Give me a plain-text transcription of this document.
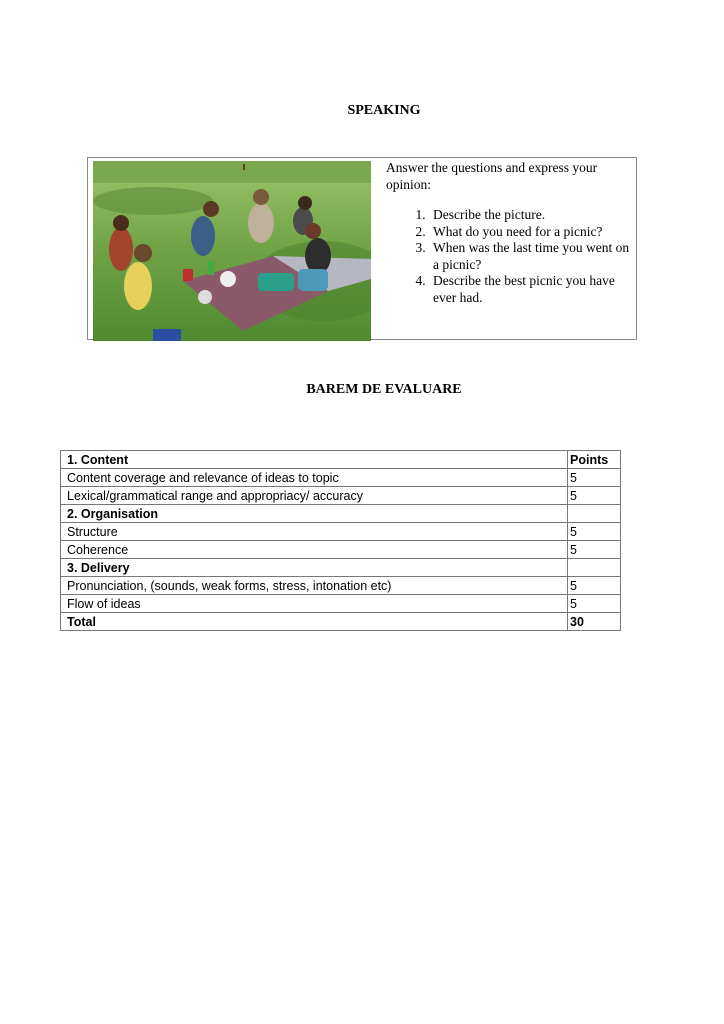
SPEAKING
Answer the questions and express your opinion:
1. Describe the picture.
2. What do you need for a picnic?
3. When was the last time you went on a picnic?
4. Describe the best picnic you have ever had.
BAREM DE EVALUARE
1. Content	Points
Content coverage and relevance of ideas to topic	5
Lexical/grammatical range and appropriacy/ accuracy	5
2. Organisation	
Structure	5
Coherence	5
3. Delivery	
Pronunciation, (sounds, weak forms, stress, intonation etc)	5
Flow of ideas	5
Total	30
